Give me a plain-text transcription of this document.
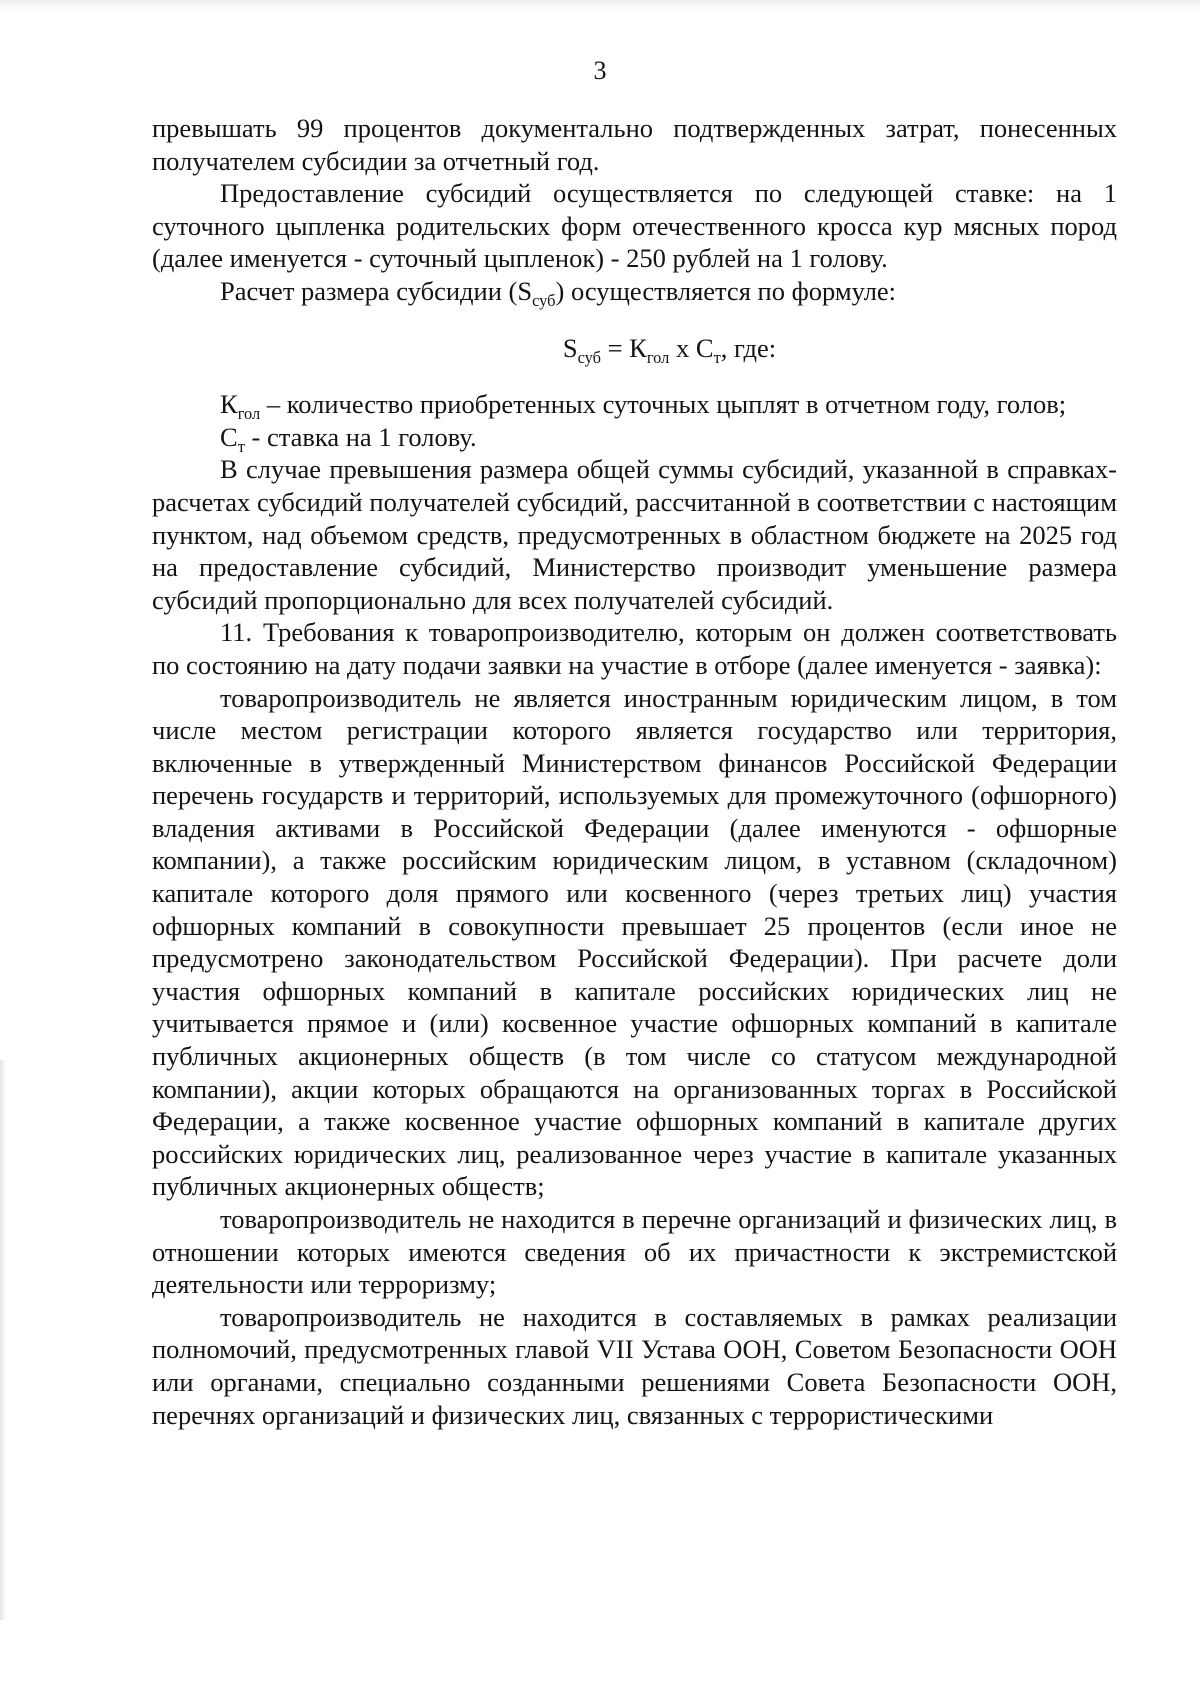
3

превышать 99 процентов документально подтвержденных затрат, понесенных получателем субсидии за отчетный год.

Предоставление субсидий осуществляется по следующей ставке: на 1 суточного цыпленка родительских форм отечественного кросса кур мясных пород (далее именуется - суточный цыпленок) - 250 рублей на 1 голову.

Расчет размера субсидии $(S_{суб})$ осуществляется по формуле:

$S_{суб} = К_{гол}$ х $С_т$, где:

$К_{гол}$ – количество приобретенных суточных цыплят в отчетном году, голов;

$С_т$ - ставка на 1 голову.

В случае превышения размера общей суммы субсидий, указанной в справках-расчетах субсидий получателей субсидий, рассчитанной в соответствии с настоящим пунктом, над объемом средств, предусмотренных в областном бюджете на 2025 год на предоставление субсидий, Министерство производит уменьшение размера субсидий пропорционально для всех получателей субсидий.

11. Требования к товаропроизводителю, которым он должен соответствовать по состоянию на дату подачи заявки на участие в отборе (далее именуется - заявка):

товаропроизводитель не является иностранным юридическим лицом, в том числе местом регистрации которого является государство или территория, включенные в утвержденный Министерством финансов Российской Федерации перечень государств и территорий, используемых для промежуточного (офшорного) владения активами в Российской Федерации (далее именуются - офшорные компании), а также российским юридическим лицом, в уставном (складочном) капитале которого доля прямого или косвенного (через третьих лиц) участия офшорных компаний в совокупности превышает 25 процентов (если иное не предусмотрено законодательством Российской Федерации). При расчете доли участия офшорных компаний в капитале российских юридических лиц не учитывается прямое и (или) косвенное участие офшорных компаний в капитале публичных акционерных обществ (в том числе со статусом международной компании), акции которых обращаются на организованных торгах в Российской Федерации, а также косвенное участие офшорных компаний в капитале других российских юридических лиц, реализованное через участие в капитале указанных публичных акционерных обществ;

товаропроизводитель не находится в перечне организаций и физических лиц, в отношении которых имеются сведения об их причастности к экстремистской деятельности или терроризму;

товаропроизводитель не находится в составляемых в рамках реализации полномочий, предусмотренных главой VII Устава ООН, Советом Безопасности ООН или органами, специально созданными решениями Совета Безопасности ООН, перечнях организаций и физических лиц, связанных с террористическими
